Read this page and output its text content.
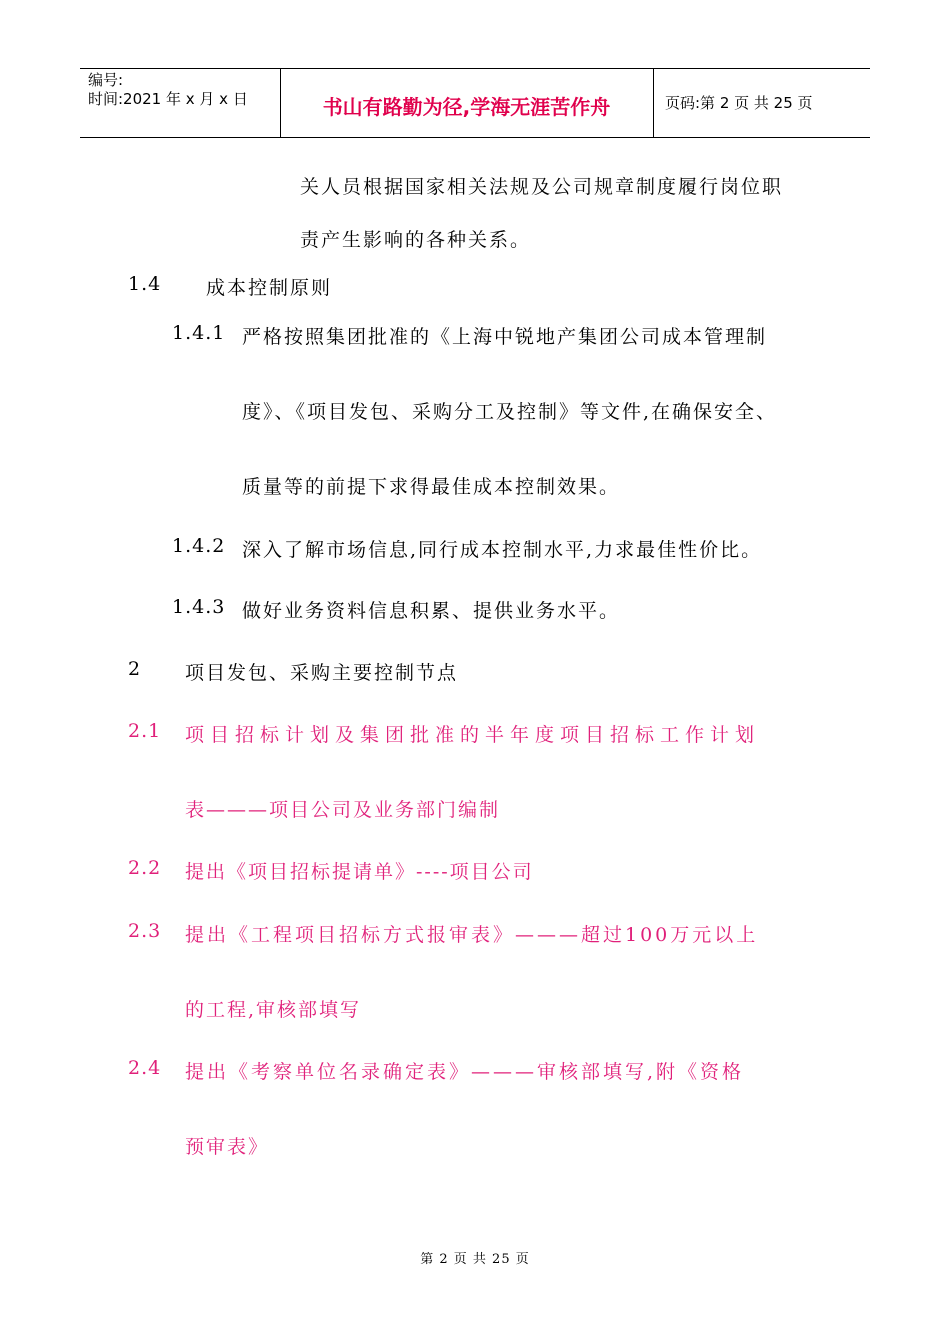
编号:
时间:2021 年 x 月 x 日	书山有路勤为径,学海无涯苦作舟	页码:第 2 页 共 25 页
关人员根据国家相关法规及公司规章制度履行岗位职
责产生影响的各种关系。
1.4 成本控制原则
1.4.1 严格按照集团批准的《上海中锐地产集团公司成本管理制
度》、《项目发包、采购分工及控制》等文件,在确保安全、
质量等的前提下求得最佳成本控制效果。
1.4.2 深入了解市场信息,同行成本控制水平,力求最佳性价比。
1.4.3 做好业务资料信息积累、提供业务水平。
2 项目发包、采购主要控制节点
2.1 项目招标计划及集团批准的半年度项目招标工作计划
表———项目公司及业务部门编制
2.2 提出《项目招标提请单》----项目公司
2.3 提出《工程项目招标方式报审表》———超过100万元以上
的工程,审核部填写
2.4 提出《考察单位名录确定表》———审核部填写,附《资格
预审表》
第 2 页 共 25 页
